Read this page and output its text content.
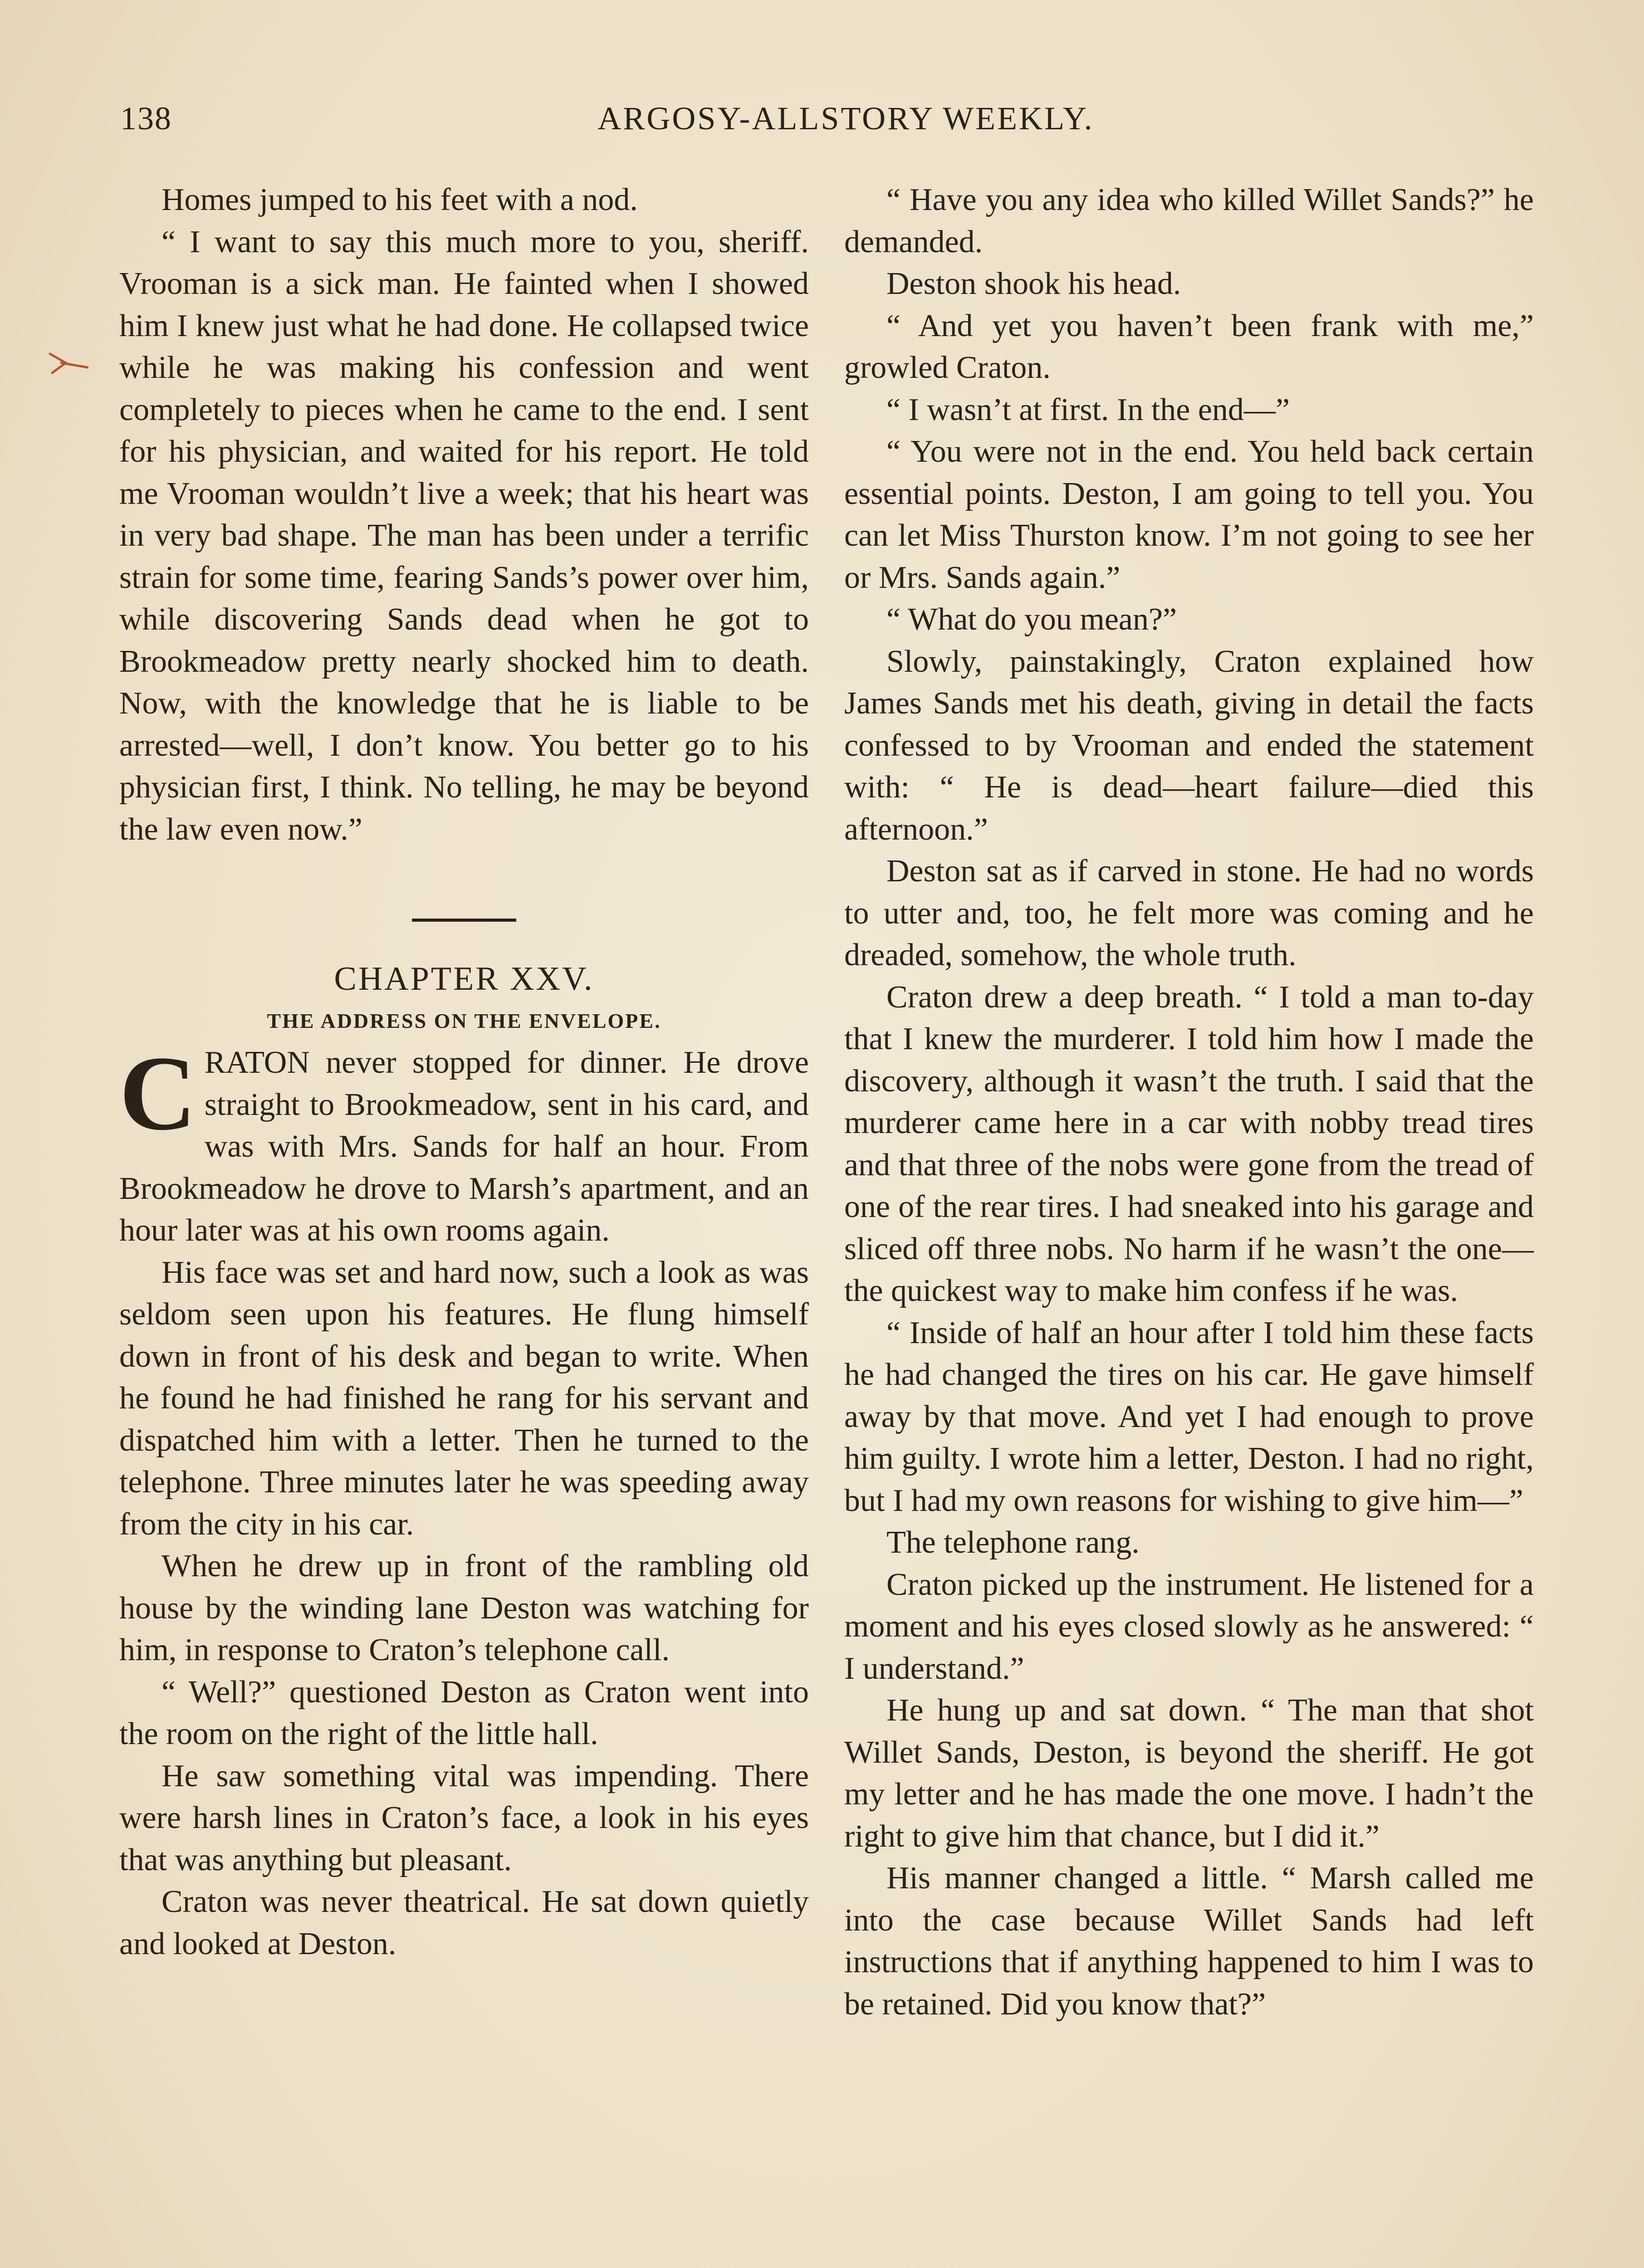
138	ARGOSY-ALLSTORY WEEKLY.

Homes jumped to his feet with a nod.

“ I want to say this much more to you, sheriff. Vrooman is a sick man. He fainted when I showed him I knew just what he had done. He collapsed twice while he was making his confession and went completely to pieces when he came to the end. I sent for his physician, and waited for his report. He told me Vrooman wouldn’t live a week; that his heart was in very bad shape. The man has been under a terrific strain for some time, fearing Sands’s power over him, while discovering Sands dead when he got to Brookmeadow pretty nearly shocked him to death. Now, with the knowledge that he is liable to be arrested—well, I don’t know. You better go to his physician first, I think. No telling, he may be beyond the law even now.”

CHAPTER XXV.

THE ADDRESS ON THE ENVELOPE.

CRATON never stopped for dinner. He drove straight to Brookmeadow, sent in his card, and was with Mrs. Sands for half an hour. From Brookmeadow he drove to Marsh’s apartment, and an hour later was at his own rooms again.

His face was set and hard now, such a look as was seldom seen upon his features. He flung himself down in front of his desk and began to write. When he found he had finished he rang for his servant and dispatched him with a letter. Then he turned to the telephone. Three minutes later he was speeding away from the city in his car.

When he drew up in front of the rambling old house by the winding lane Deston was watching for him, in response to Craton’s telephone call.

“ Well?” questioned Deston as Craton went into the room on the right of the little hall.

He saw something vital was impending. There were harsh lines in Craton’s face, a look in his eyes that was anything but pleasant.

Craton was never theatrical. He sat down quietly and looked at Deston.

“ Have you any idea who killed Willet Sands?” he demanded.

Deston shook his head.

“ And yet you haven’t been frank with me,” growled Craton.

“ I wasn’t at first. In the end—”

“ You were not in the end. You held back certain essential points. Deston, I am going to tell you. You can let Miss Thurston know. I’m not going to see her or Mrs. Sands again.”

“ What do you mean?”

Slowly, painstakingly, Craton explained how James Sands met his death, giving in detail the facts confessed to by Vrooman and ended the statement with: “ He is dead—heart failure—died this afternoon.”

Deston sat as if carved in stone. He had no words to utter and, too, he felt more was coming and he dreaded, somehow, the whole truth.

Craton drew a deep breath. “ I told a man to-day that I knew the murderer. I told him how I made the discovery, although it wasn’t the truth. I said that the murderer came here in a car with nobby tread tires and that three of the nobs were gone from the tread of one of the rear tires. I had sneaked into his garage and sliced off three nobs. No harm if he wasn’t the one—the quickest way to make him confess if he was.

“ Inside of half an hour after I told him these facts he had changed the tires on his car. He gave himself away by that move. And yet I had enough to prove him guilty. I wrote him a letter, Deston. I had no right, but I had my own reasons for wishing to give him—”

The telephone rang.

Craton picked up the instrument. He listened for a moment and his eyes closed slowly as he answered: “ I understand.”

He hung up and sat down. “ The man that shot Willet Sands, Deston, is beyond the sheriff. He got my letter and he has made the one move. I hadn’t the right to give him that chance, but I did it.”

His manner changed a little. “ Marsh called me into the case because Willet Sands had left instructions that if anything happened to him I was to be retained. Did you know that?”
